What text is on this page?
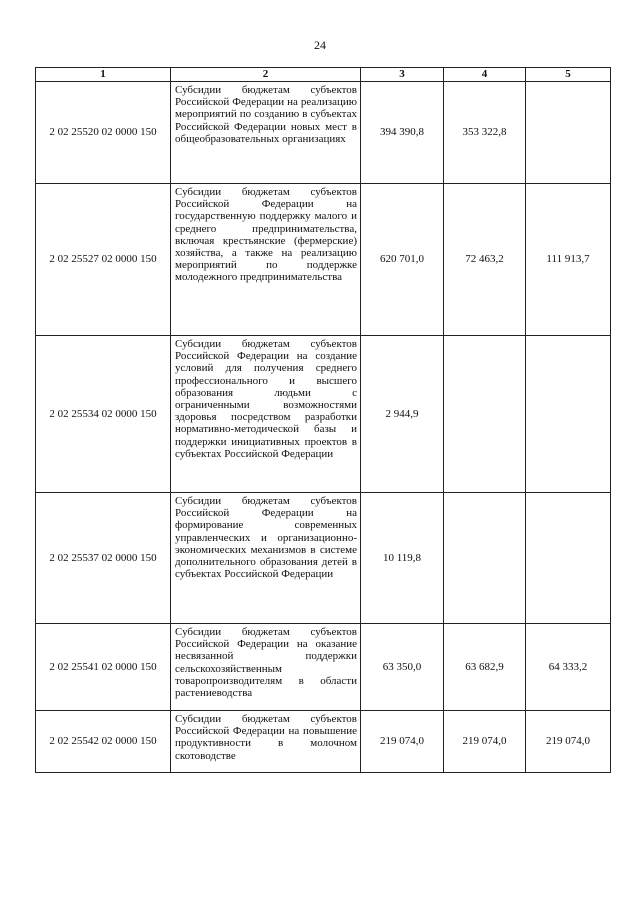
24
1	2	3	4	5
2 02 25520 02 0000 150	Субсидии бюджетам субъектов Российской Федерации на реализацию мероприятий по созданию в субъектах Российской Федерации новых мест в общеобразовательных организациях	394 390,8	353 322,8	
2 02 25527 02 0000 150	Субсидии бюджетам субъектов Российской Федерации на государственную поддержку малого и среднего предпринимательства, включая крестьянские (фермерские) хозяйства, а также на реализацию мероприятий по поддержке молодежного предпринимательства	620 701,0	72 463,2	111 913,7
2 02 25534 02 0000 150	Субсидии бюджетам субъектов Российской Федерации на создание условий для получения среднего профессионального и высшего образования людьми с ограниченными возможностями здоровья посредством разработки нормативно-методической базы и поддержки инициативных проектов в субъектах Российской Федерации	2 944,9		
2 02 25537 02 0000 150	Субсидии бюджетам субъектов Российской Федерации на формирование современных управленческих и организационно-экономических механизмов в системе дополнительного образования детей в субъектах Российской Федерации	10 119,8		
2 02 25541 02 0000 150	Субсидии бюджетам субъектов Российской Федерации на оказание несвязанной поддержки сельскохозяйственным товаропроизводителям в области растениеводства	63 350,0	63 682,9	64 333,2
2 02 25542 02 0000 150	Субсидии бюджетам субъектов Российской Федерации на повышение продуктивности в молочном скотоводстве	219 074,0	219 074,0	219 074,0
